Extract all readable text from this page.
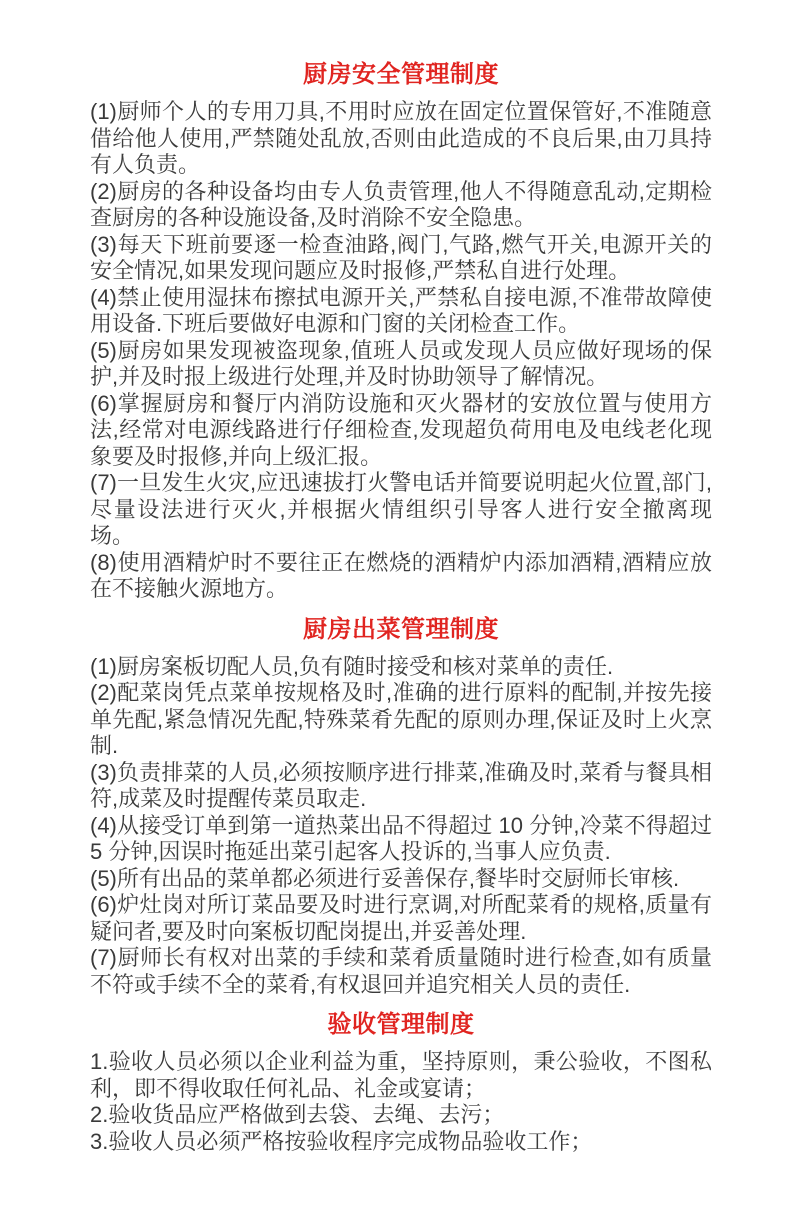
厨房安全管理制度

(1)厨师个人的专用刀具,不用时应放在固定位置保管好,不准随意借给他人使用,严禁随处乱放,否则由此造成的不良后果,由刀具持有人负责。

(2)厨房的各种设备均由专人负责管理,他人不得随意乱动,定期检查厨房的各种设施设备,及时消除不安全隐患。

(3)每天下班前要逐一检查油路,阀门,气路,燃气开关,电源开关的安全情况,如果发现问题应及时报修,严禁私自进行处理。

(4)禁止使用湿抹布擦拭电源开关,严禁私自接电源,不准带故障使用设备.下班后要做好电源和门窗的关闭检查工作。

(5)厨房如果发现被盗现象,值班人员或发现人员应做好现场的保护,并及时报上级进行处理,并及时协助领导了解情况。

(6)掌握厨房和餐厅内消防设施和灭火器材的安放位置与使用方法,经常对电源线路进行仔细检查,发现超负荷用电及电线老化现象要及时报修,并向上级汇报。

(7)一旦发生火灾,应迅速拔打火警电话并简要说明起火位置,部门,尽量设法进行灭火,并根据火情组织引导客人进行安全撤离现场。

(8)使用酒精炉时不要往正在燃烧的酒精炉内添加酒精,酒精应放在不接触火源地方。

厨房出菜管理制度

(1)厨房案板切配人员,负有随时接受和核对菜单的责任.

(2)配菜岗凭点菜单按规格及时,准确的进行原料的配制,并按先接单先配,紧急情况先配,特殊菜肴先配的原则办理,保证及时上火烹制.

(3)负责排菜的人员,必须按顺序进行排菜,准确及时,菜肴与餐具相符,成菜及时提醒传菜员取走.

(4)从接受订单到第一道热菜出品不得超过 10 分钟,冷菜不得超过 5 分钟,因误时拖延出菜引起客人投诉的,当事人应负责.

(5)所有出品的菜单都必须进行妥善保存,餐毕时交厨师长审核.

(6)炉灶岗对所订菜品要及时进行烹调,对所配菜肴的规格,质量有疑问者,要及时向案板切配岗提出,并妥善处理.

(7)厨师长有权对出菜的手续和菜肴质量随时进行检查,如有质量不符或手续不全的菜肴,有权退回并追究相关人员的责任.

验收管理制度

1.验收人员必须以企业利益为重，坚持原则，秉公验收，不图私利，即不得收取任何礼品、礼金或宴请；

2.验收货品应严格做到去袋、去绳、去污；

3.验收人员必须严格按验收程序完成物品验收工作；
